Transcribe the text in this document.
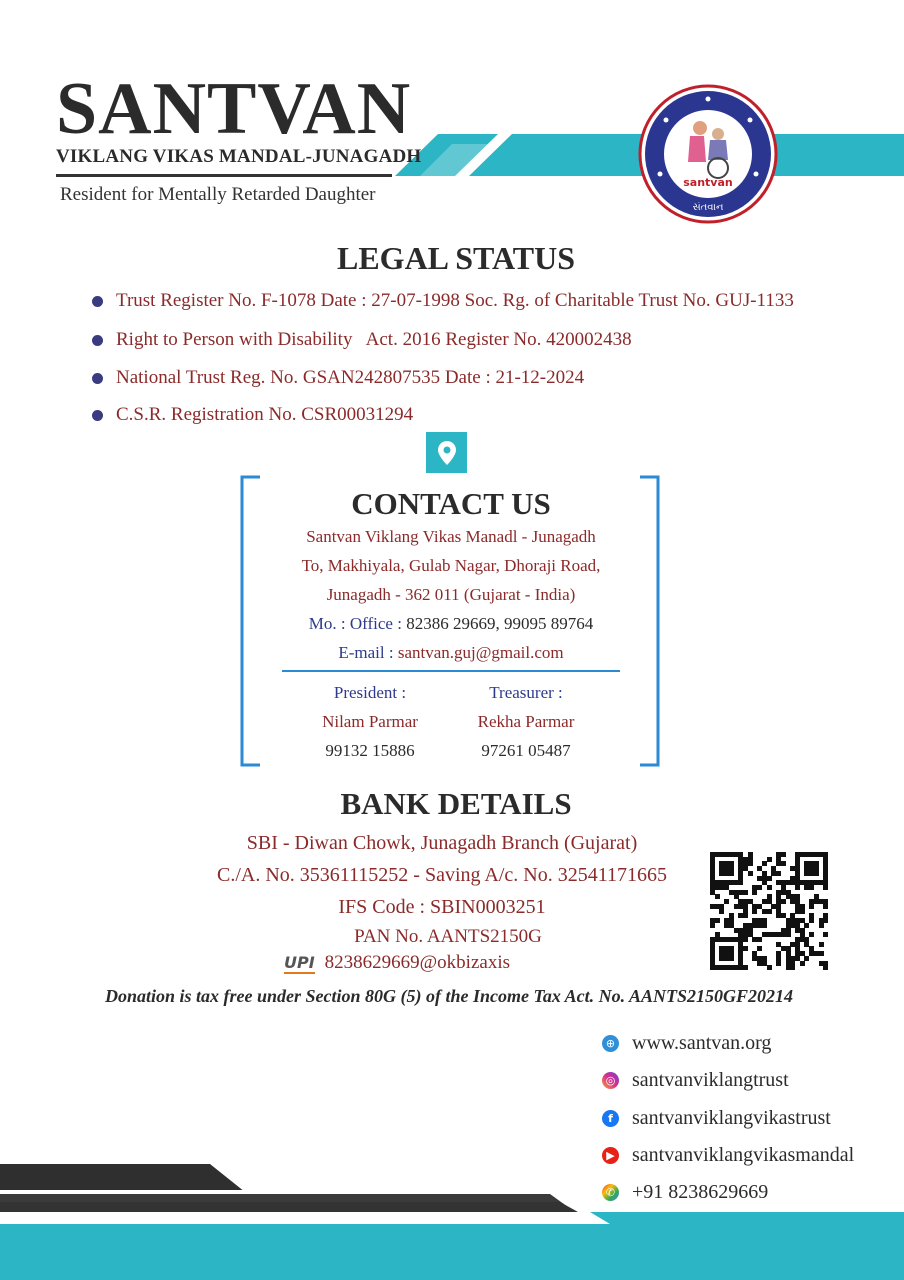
SANTVAN
VIKLANG VIKAS MANDAL-JUNAGADH
Resident for Mentally Retarded Daughter
santvan
સંતવાન
LEGAL STATUS
Trust Register No. F-1078 Date : 27-07-1998 Soc. Rg. of Charitable Trust No. GUJ-1133
Right to Person with Disability   Act. 2016 Register No. 420002438
National Trust Reg. No. GSAN242807535 Date : 21-12-2024
C.S.R. Registration No. CSR00031294
CONTACT US
Santvan Viklang Vikas Manadl - Junagadh
To, Makhiyala, Gulab Nagar, Dhoraji Road,
Junagadh - 362 011 (Gujarat - India)
Mo. : Office : 82386 29669, 99095 89764
E-mail : santvan.guj@gmail.com
President :
Nilam Parmar
99132 15886
Treasurer :
Rekha Parmar
97261 05487
BANK DETAILS
SBI - Diwan Chowk, Junagadh Branch (Gujarat)
C./A. No. 35361115252 - Saving A/c. No. 32541171665
IFS Code : SBIN0003251
PAN No. AANTS2150G
UPI 8238629669@okbizaxis
Donation is tax free under Section 80G (5) of the Income Tax Act. No. AANTS2150GF20214
⊕ www.santvan.org
◎ santvanviklangtrust
f santvanviklangvikastrust
▶ santvanviklangvikasmandal
✆ +91 8238629669
